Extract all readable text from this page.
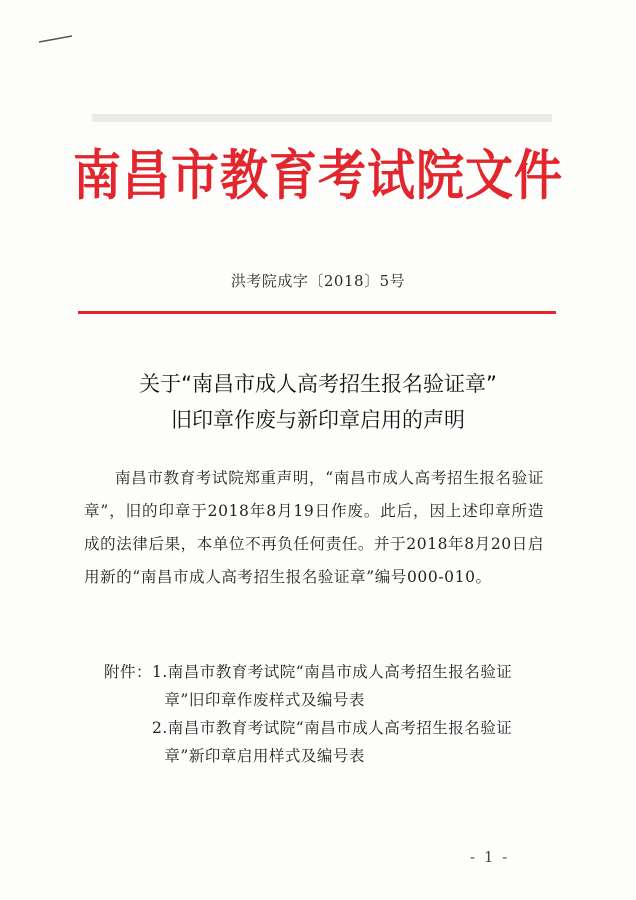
南昌市教育考试院文件
洪考院成字〔2018〕5号
关于“南昌市成人高考招生报名验证章”
旧印章作废与新印章启用的声明
南昌市教育考试院郑重声明，“南昌市成人高考招生报名验证章”，旧的印章于2018年8月19日作废。此后，因上述印章所造成的法律后果，本单位不再负任何责任。并于2018年8月20日启用新的“南昌市成人高考招生报名验证章”编号000-010。
附件： 1.南昌市教育考试院“南昌市成人高考招生报名验证章”旧印章作废样式及编号表
2.南昌市教育考试院“南昌市成人高考招生报名验证章”新印章启用样式及编号表
- 1 -
